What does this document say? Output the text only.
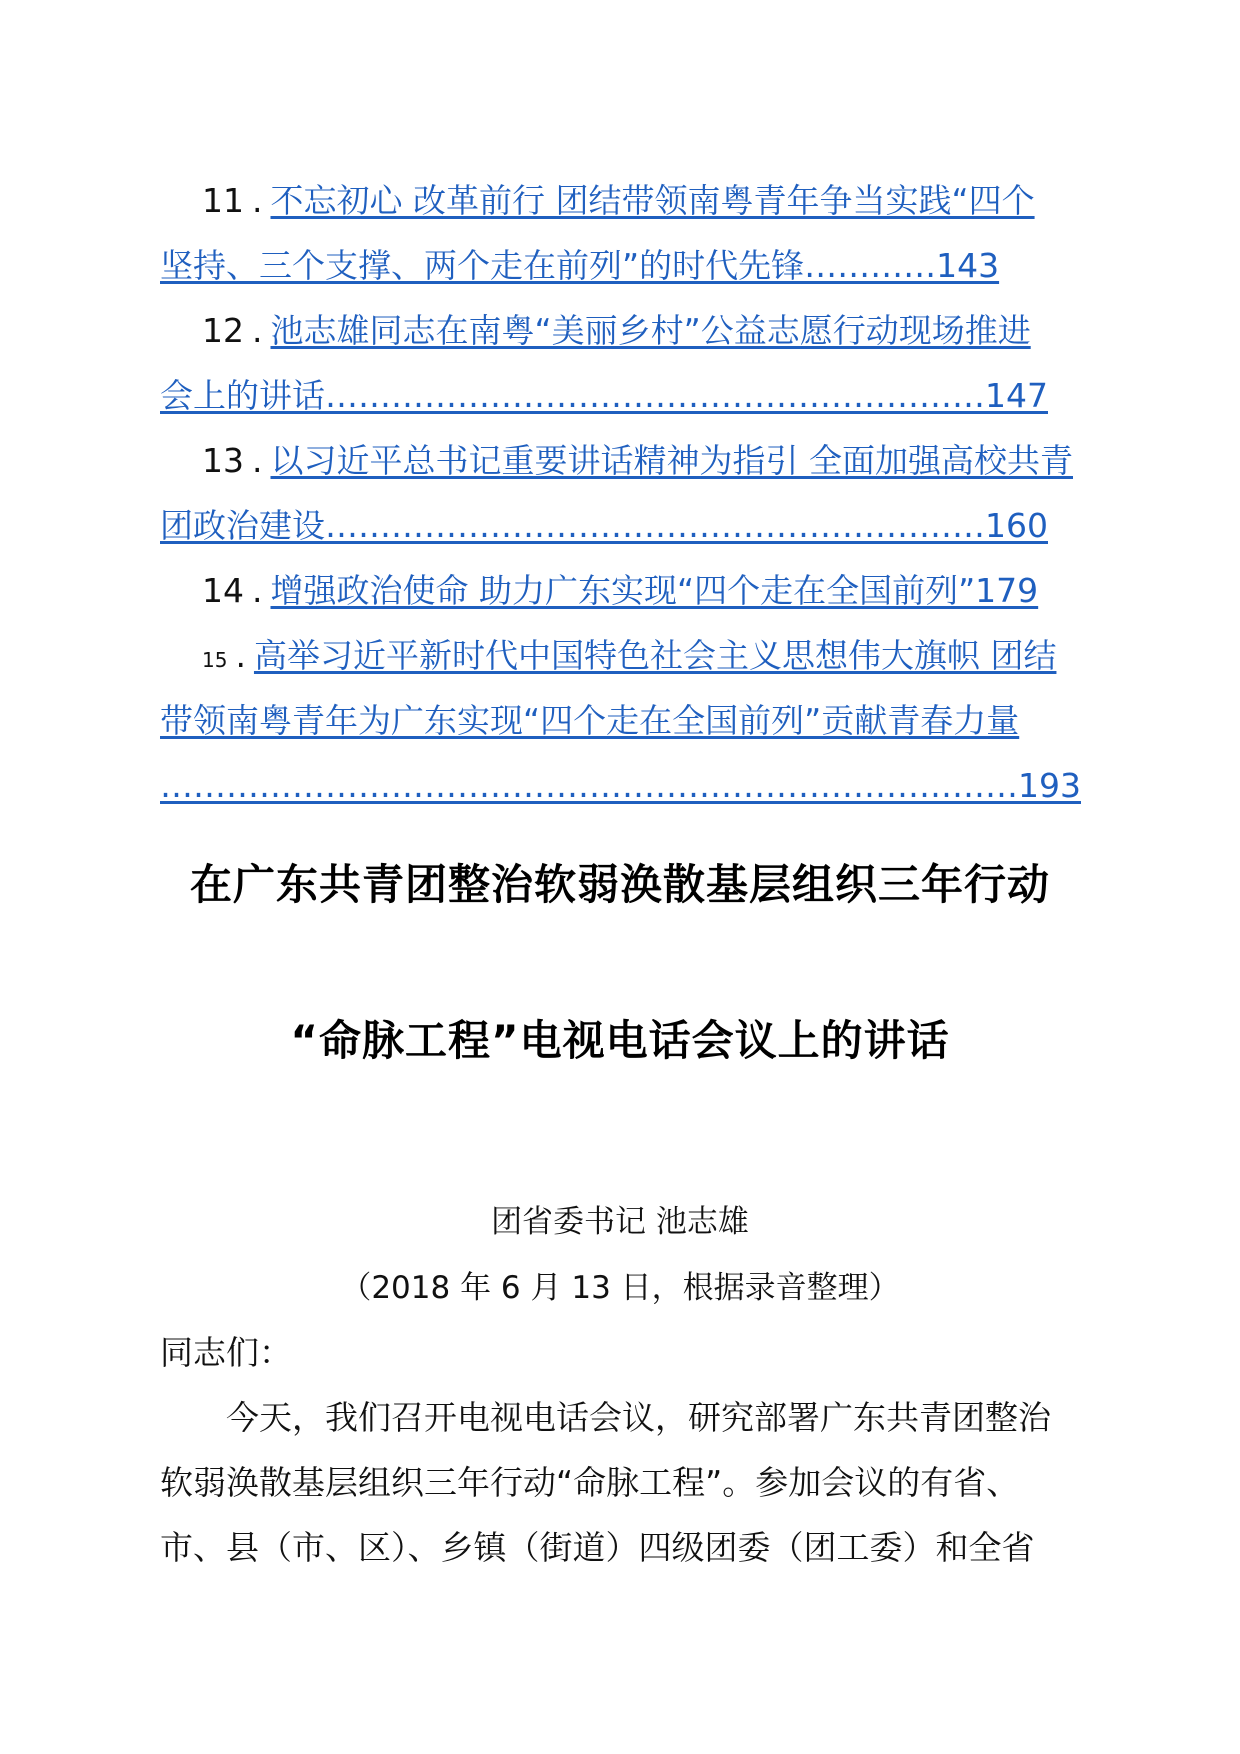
11 . 不忘初心 改革前行 团结带领南粤青年争当实践“四个
坚持、三个支撑、两个走在前列”的时代先锋…………143
12 . 池志雄同志在南粤“美丽乡村”公益志愿行动现场推进
会上的讲话……………………………………………………147
13 . 以习近平总书记重要讲话精神为指引 全面加强高校共青
团政治建设……………………………………………………160
14 . 增强政治使命 助力广东实现“四个走在全国前列”179
15 . 高举习近平新时代中国特色社会主义思想伟大旗帜 团结
带领南粤青年为广东实现“四个走在全国前列”贡献青春力量
……………………………………………………………………193
在广东共青团整治软弱涣散基层组织三年行动
“命脉工程”电视电话会议上的讲话
团省委书记 池志雄
（2018 年 6 月 13 日，根据录音整理）
同志们：
今天，我们召开电视电话会议，研究部署广东共青团整治
软弱涣散基层组织三年行动“命脉工程”。参加会议的有省、
市、县（市、区）、乡镇（街道）四级团委（团工委）和全省
